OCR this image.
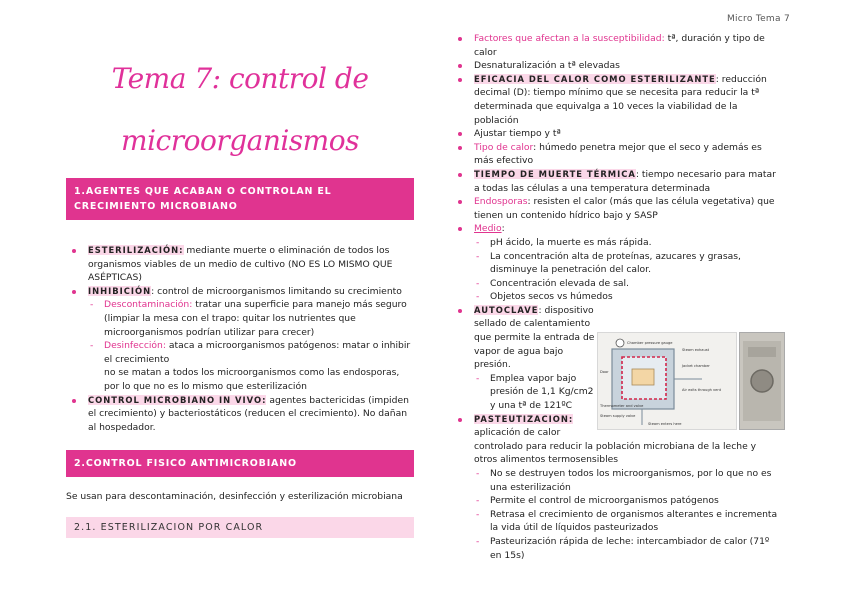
Micro Tema 7
Tema 7: control de
microorganismos
1.AGENTES QUE ACABAN O CONTROLAN EL CRECIMIENTO MICROBIANO
ESTERILIZACIÓN: mediante muerte o eliminación de todos los organismos viables de un medio de cultivo (NO ES LO MISMO QUE ASÉPTICAS)
INHIBICIÓN: control de microorganismos limitando su crecimiento
- Descontaminación: tratar una superficie para manejo más seguro (limpiar la mesa con el trapo: quitar los nutrientes que microorganismos podrían utilizar para crecer)
- Desinfección: ataca a microorganismos patógenos: matar o inhibir el crecimiento
no se matan a todos los microorganismos como las endosporas, por lo que no es lo mismo que esterilización
CONTROL MICROBIANO IN VIVO: agentes bactericidas (impiden el crecimiento) y bacteriostáticos (reducen el crecimiento). No dañan al hospedador.
2.CONTROL FISICO ANTIMICROBIANO
Se usan para descontaminación, desinfección y esterilización microbiana
2.1. ESTERILIZACION POR CALOR
Factores que afectan a la susceptibilidad: tª, duración y tipo de calor
Desnaturalización a tª elevadas
EFICACIA DEL CALOR COMO ESTERILIZANTE: reducción decimal (D): tiempo mínimo que se necesita para reducir la tª determinada que equivalga a 10 veces la viabilidad de la población
Ajustar tiempo y tª
Tipo de calor: húmedo penetra mejor que el seco y además es más efectivo
TIEMPO DE MUERTE TÉRMICA: tiempo necesario para matar a todas las células a una temperatura determinada
Endosporas: resisten el calor (más que las célula vegetativa) que tienen un contenido hídrico bajo y SASP
Medio:
- pH ácido, la muerte es más rápida.
- La concentración alta de proteínas, azucares y grasas, disminuye la penetración del calor.
- Concentración elevada de sal.
- Objetos secos vs húmedos
AUTOCLAVE: dispositivo sellado de calentamiento que permite la entrada de vapor de agua bajo presión.
- Emplea vapor bajo presión de 1,1 Kg/cm2 y una tª de 121ºC
PASTEUTIZACION:
aplicación de calor
controlado para reducir la población microbiana de la leche y otros alimentos termosensibles
- No se destruyen todos los microorganismos, por lo que no es una esterilización
- Permite el control de microorganismos patógenos
- Retrasa el crecimiento de organismos alterantes e incrementa la vida útil de líquidos pasteurizados
- Pasteurización rápida de leche: intercambiador de calor (71º en 15s)
Chamber pressure gauge
Steam exhaust
Door
Jacket chamber
Air exits through vent
Thermometer and valve
Steam supply valve
Steam enters here
